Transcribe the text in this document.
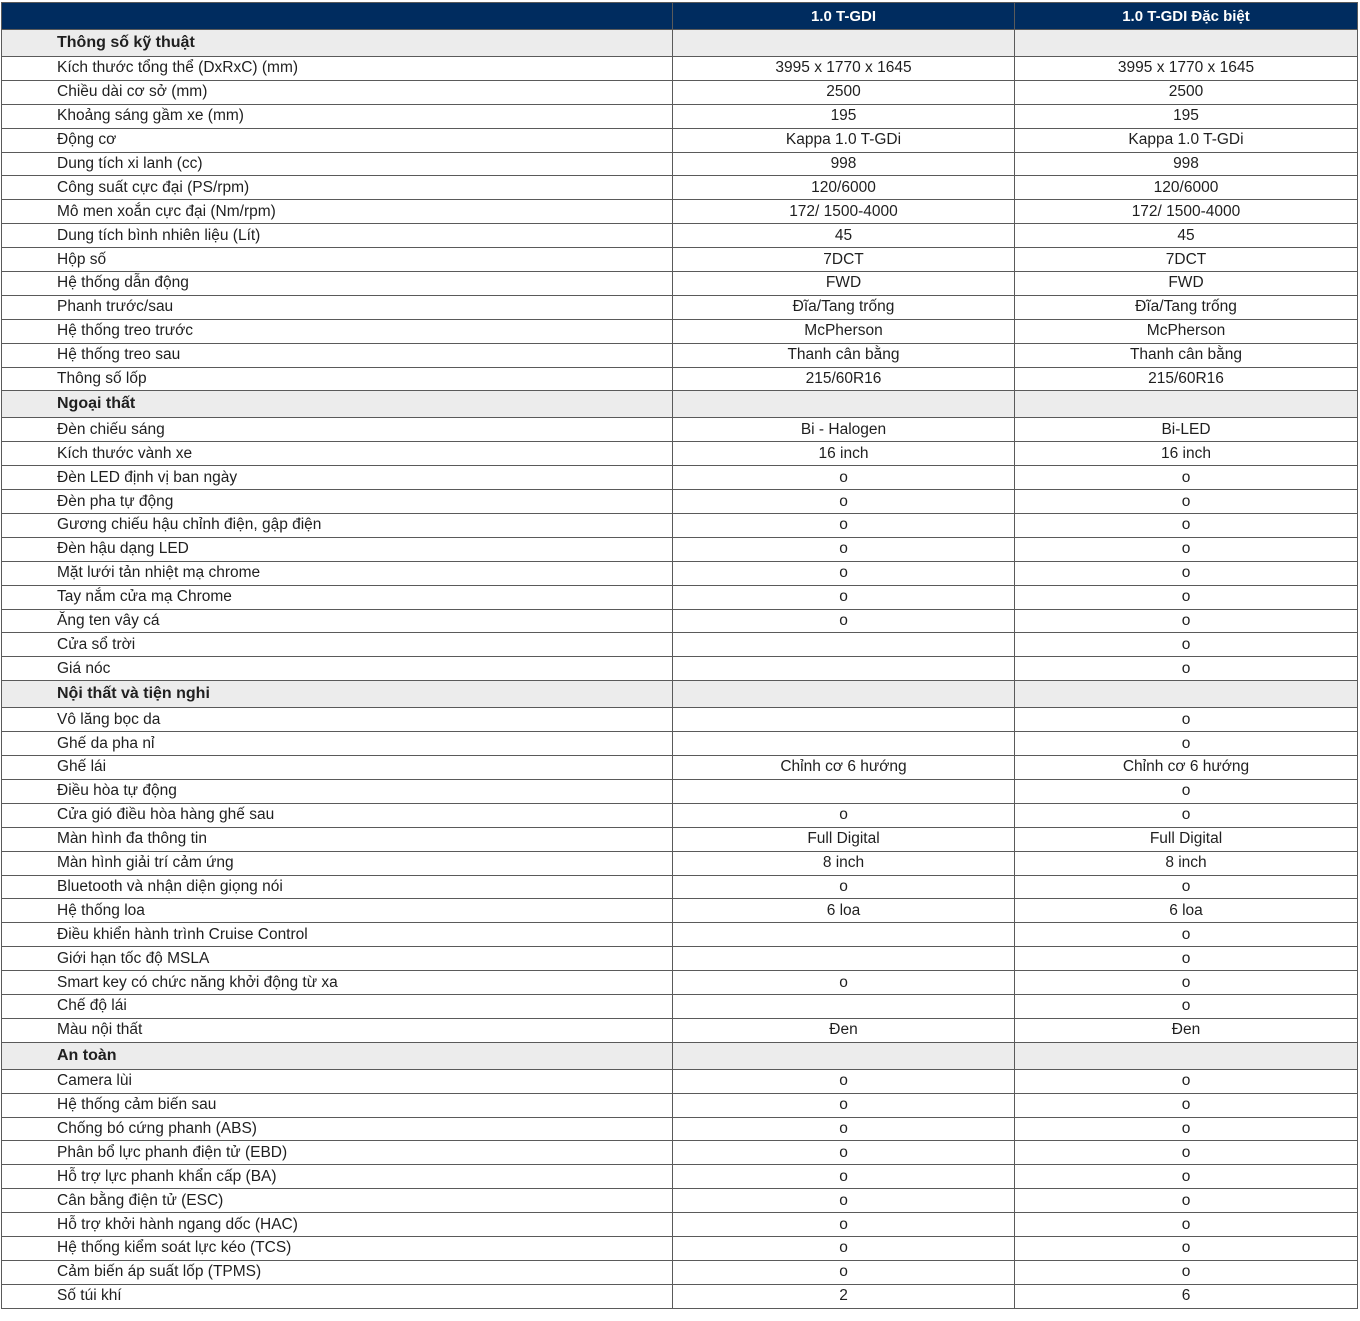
	1.0 T-GDI	1.0 T-GDI Đặc biệt
Thông số kỹ thuật		
Kích thước tổng thể (DxRxC) (mm)	3995 x 1770 x 1645	3995 x 1770 x 1645
Chiều dài cơ sở (mm)	2500	2500
Khoảng sáng gầm xe (mm)	195	195
Động cơ	Kappa 1.0 T-GDi	Kappa 1.0 T-GDi
Dung tích xi lanh (cc)	998	998
Công suất cực đại (PS/rpm)	120/6000	120/6000
Mô men xoắn cực đại (Nm/rpm)	172/ 1500-4000	172/ 1500-4000
Dung tích bình nhiên liệu (Lít)	45	45
Hộp số	7DCT	7DCT
Hệ thống dẫn động	FWD	FWD
Phanh trước/sau	Đĩa/Tang trống	Đĩa/Tang trống
Hệ thống treo trước	McPherson	McPherson
Hệ thống treo sau	Thanh cân bằng	Thanh cân bằng
Thông số lốp	215/60R16	215/60R16
Ngoại thất		
Đèn chiếu sáng	Bi - Halogen	Bi-LED
Kích thước vành xe	16 inch	16 inch
Đèn LED định vị ban ngày	o	o
Đèn pha tự động	o	o
Gương chiếu hậu chỉnh điện, gập điện	o	o
Đèn hậu dạng LED	o	o
Mặt lưới tản nhiệt mạ chrome	o	o
Tay nắm cửa mạ Chrome	o	o
Ăng ten vây cá	o	o
Cửa sổ trời		o
Giá nóc		o
Nội thất và tiện nghi		
Vô lăng bọc da		o
Ghế da pha nỉ		o
Ghế lái	Chỉnh cơ 6 hướng	Chỉnh cơ 6 hướng
Điều hòa tự động		o
Cửa gió điều hòa hàng ghế sau	o	o
Màn hình đa thông tin	Full Digital	Full Digital
Màn hình giải trí cảm ứng	8 inch	8 inch
Bluetooth và nhận diện giọng nói	o	o
Hệ thống loa	6 loa	6 loa
Điều khiển hành trình Cruise Control		o
Giới hạn tốc độ MSLA		o
Smart key có chức năng khởi động từ xa	o	o
Chế độ lái		o
Màu nội thất	Đen	Đen
An toàn		
Camera lùi	o	o
Hệ thống cảm biến sau	o	o
Chống bó cứng phanh (ABS)	o	o
Phân bổ lực phanh điện tử (EBD)	o	o
Hỗ trợ lực phanh khẩn cấp (BA)	o	o
Cân bằng điện tử (ESC)	o	o
Hỗ trợ khởi hành ngang dốc (HAC)	o	o
Hệ thống kiểm soát lực kéo (TCS)	o	o
Cảm biến áp suất lốp (TPMS)	o	o
Số túi khí	2	6
